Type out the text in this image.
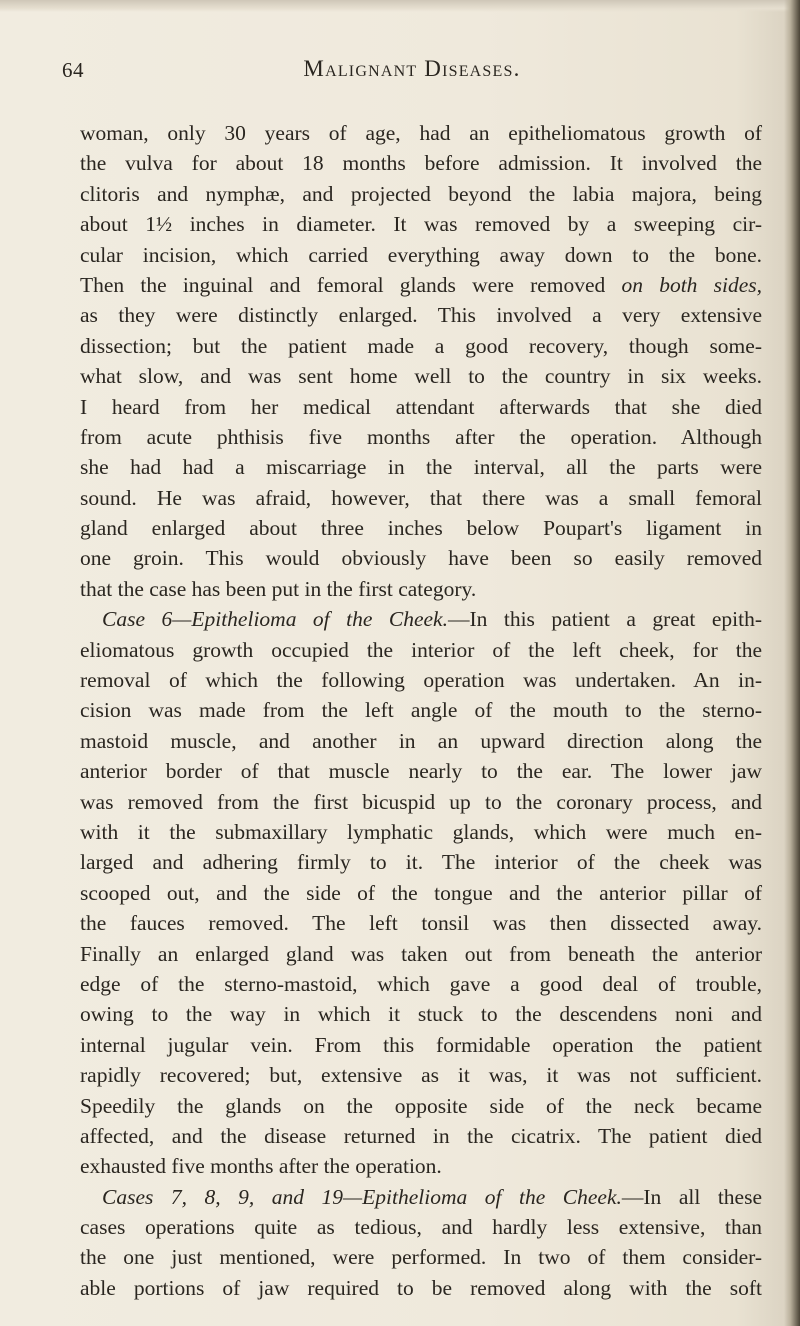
64	Malignant Diseases.
woman, only 30 years of age, had an epitheliomatous growth of
the vulva for about 18 months before admission. It involved the
clitoris and nymphæ, and projected beyond the labia majora, being
about 1½ inches in diameter. It was removed by a sweeping cir-
cular incision, which carried everything away down to the bone.
Then the inguinal and femoral glands were removed on both sides,
as they were distinctly enlarged. This involved a very extensive
dissection; but the patient made a good recovery, though some-
what slow, and was sent home well to the country in six weeks.
I heard from her medical attendant afterwards that she died
from acute phthisis five months after the operation. Although
she had had a miscarriage in the interval, all the parts were
sound. He was afraid, however, that there was a small femoral
gland enlarged about three inches below Poupart's ligament in
one groin. This would obviously have been so easily removed
that the case has been put in the first category.
Case 6—Epithelioma of the Cheek.—In this patient a great epith-
eliomatous growth occupied the interior of the left cheek, for the
removal of which the following operation was undertaken. An in-
cision was made from the left angle of the mouth to the sterno-
mastoid muscle, and another in an upward direction along the
anterior border of that muscle nearly to the ear. The lower jaw
was removed from the first bicuspid up to the coronary process, and
with it the submaxillary lymphatic glands, which were much en-
larged and adhering firmly to it. The interior of the cheek was
scooped out, and the side of the tongue and the anterior pillar of
the fauces removed. The left tonsil was then dissected away.
Finally an enlarged gland was taken out from beneath the anterior
edge of the sterno-mastoid, which gave a good deal of trouble,
owing to the way in which it stuck to the descendens noni and
internal jugular vein. From this formidable operation the patient
rapidly recovered; but, extensive as it was, it was not sufficient.
Speedily the glands on the opposite side of the neck became
affected, and the disease returned in the cicatrix. The patient died
exhausted five months after the operation.
Cases 7, 8, 9, and 19—Epithelioma of the Cheek.—In all these
cases operations quite as tedious, and hardly less extensive, than
the one just mentioned, were performed. In two of them consider-
able portions of jaw required to be removed along with the soft
